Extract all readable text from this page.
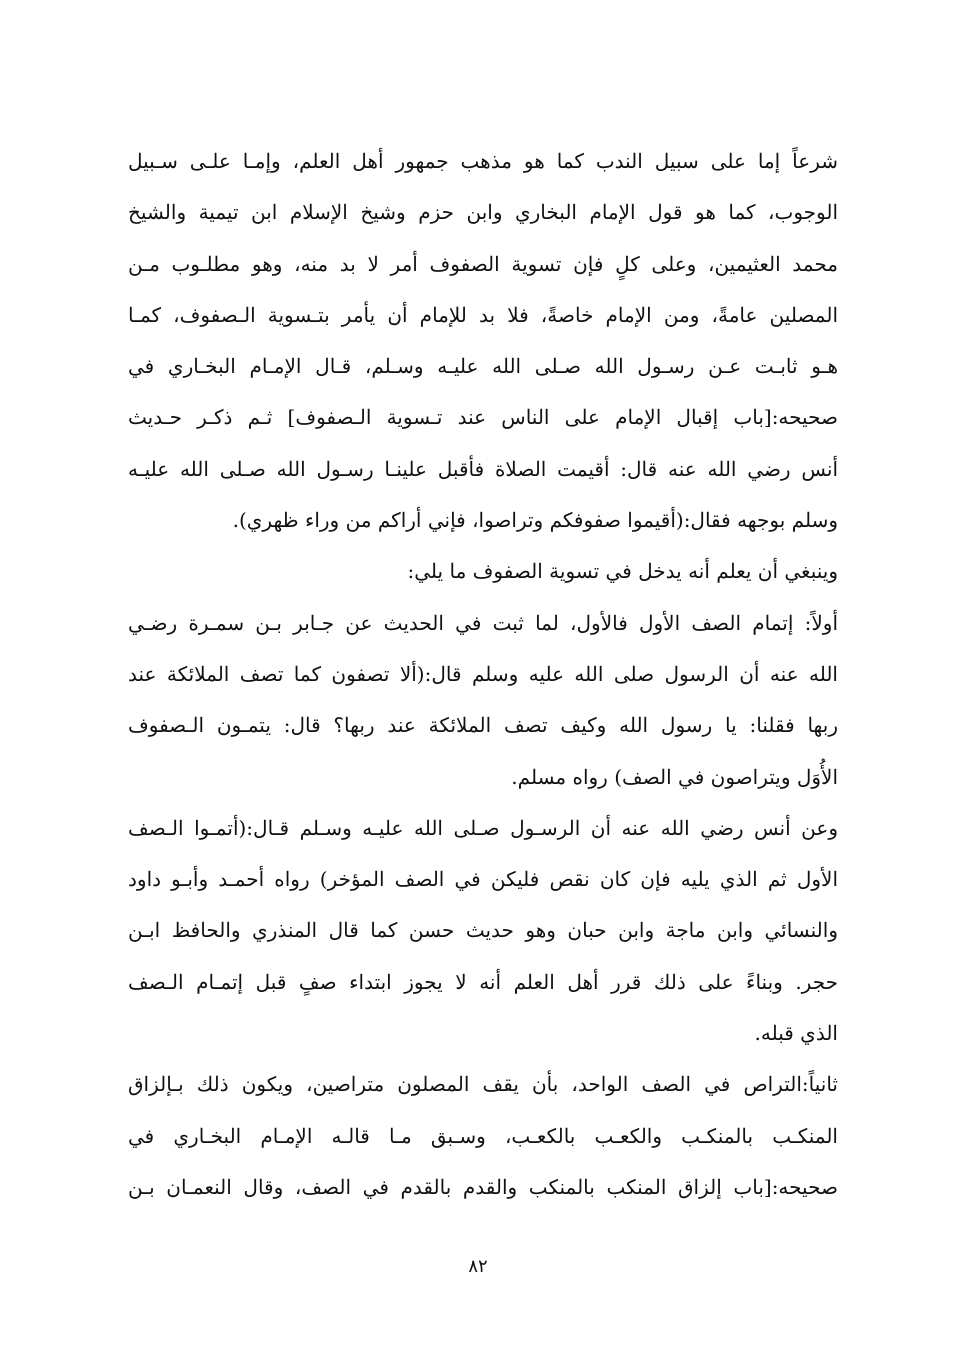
شرعاً إما على سبيل الندب كما هو مذهب جمهور أهل العلم، وإمـا علـى سـبيل
الوجوب، كما هو قول الإمام البخاري وابن حزم وشيخ الإسلام ابن تيمية والشيخ
محمد العثيمين، وعلى كلٍ فإن تسوية الصفوف أمر لا بد منه، وهو مطلـوب مـن
المصلين عامةً، ومن الإمام خاصةً، فلا بد للإمام أن يأمر بتـسوية الـصفوف، كمـا
هـو ثابـت عـن رسـول الله صـلى الله عليـه وسـلم، قـال الإمـام البخـاري في
صحيحه:[باب إقبال الإمام على الناس عند تـسوية الـصفوف] ثـم ذكـر حـديث
أنس رضي الله عنه قال: أقيمت الصلاة فأقبل علينـا رسـول الله صـلى الله عليـه
وسلم بوجهه فقال:(أقيموا صفوفكم وتراصوا، فإني أراكم من وراء ظهري).
وينبغي أن يعلم أنه يدخل في تسوية الصفوف ما يلي:
أولاً: إتمام الصف الأول فالأول، لما ثبت في الحديث عن جـابر بـن سمـرة رضـي
الله عنه أن الرسول صلى الله عليه وسلم قال:(ألا تصفون كما تصف الملائكة عند
ربها فقلنا: يا رسول الله وكيف تصف الملائكة عند ربها؟ قال: يتمـون الـصفوف
الأُوَل ويتراصون في الصف) رواه مسلم.
وعن أنس رضي الله عنه أن الرسـول صـلى الله عليـه وسـلم قـال:(أتمـوا الـصف
الأول ثم الذي يليه فإن كان نقص فليكن في الصف المؤخر) رواه أحمـد وأبـو داود
والنسائي وابن ماجة وابن حبان وهو حديث حسن كما قال المنذري والحافظ ابـن
حجر. وبناءً على ذلك قرر أهل العلم أنه لا يجوز ابتداء صفٍ قبل إتمـام الـصف
الذي قبله.
ثانياً:التراص في الصف الواحد، بأن يقف المصلون متراصين، ويكون ذلك بـإلزاق
المنكـب بالمنكـب والكعـب بالكعـب، وسـبق مـا قالـه الإمـام البخـاري في
صحيحه:[باب إلزاق المنكب بالمنكب والقدم بالقدم في الصف، وقال النعمـان بـن
٨٢
